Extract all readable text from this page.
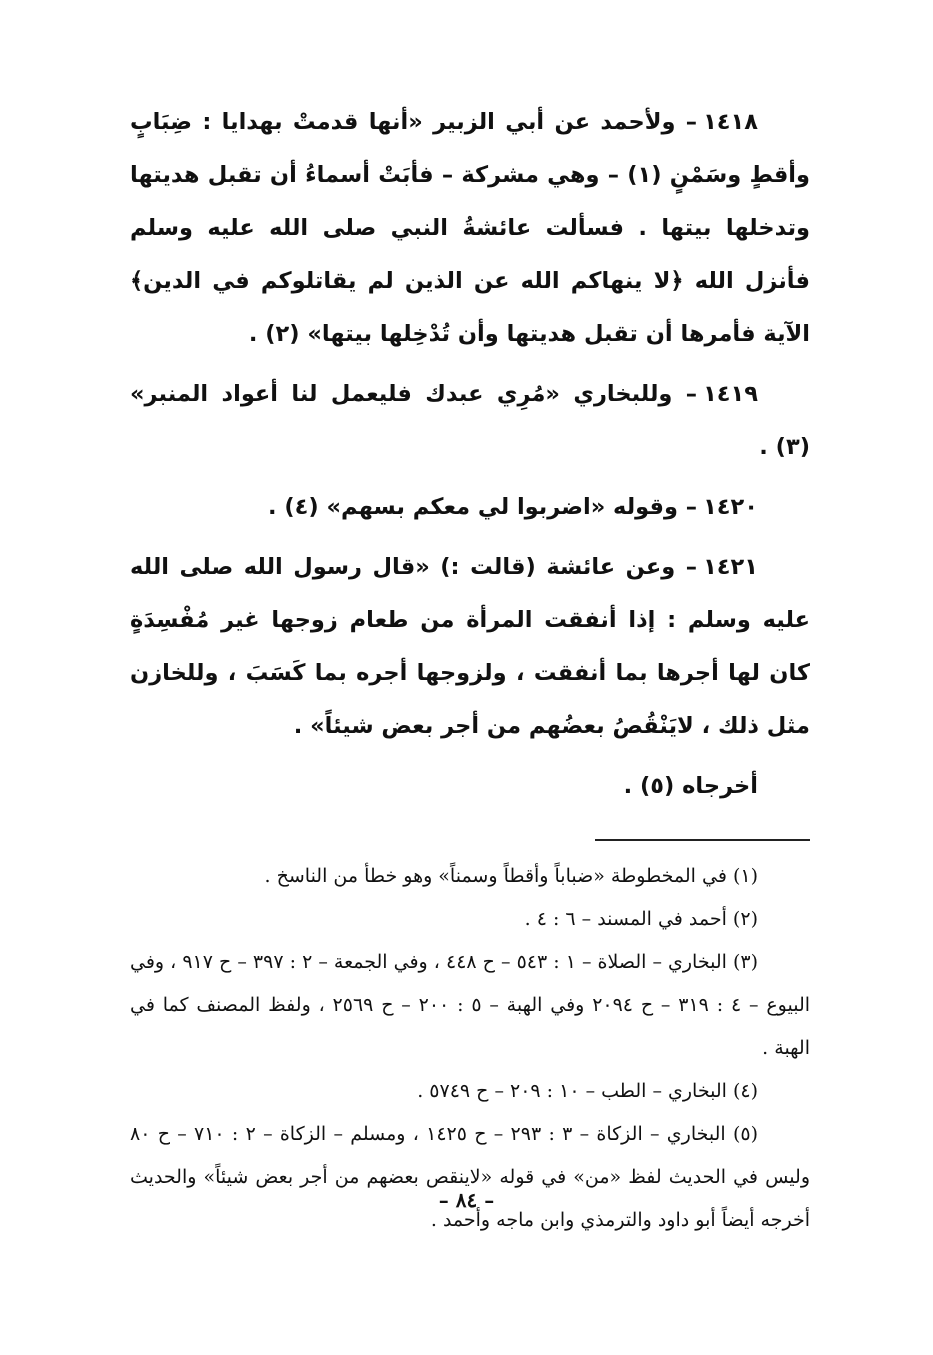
١٤١٨– ولأحمد عن أبي الزبير «أنها قدمتْ بهدايا : ضِبَابٍ وأقطٍ وسَمْنٍ (١) – وهي مشركة – فأبَتْ أسماءُ أن تقبل هديتها وتدخلها بيتها . فسألت عائشةُ النبي صلى الله عليه وسلم فأنزل الله ﴿لا ينهاكم الله عن الذين لم يقاتلوكم في الدين﴾ الآية فأمرها أن تقبل هديتها وأن تُدْخِلها بيتها» (٢) .

١٤١٩– وللبخاري «مُرِي عبدك فليعمل لنا أعواد المنبر» (٣) .

١٤٢٠– وقوله «اضربوا لي معكم بسهم» (٤) .

١٤٢١– وعن عائشة (قالت :) «قال رسول الله صلى الله عليه وسلم : إذا أنفقت المرأة من طعام زوجها غير مُفْسِدَةٍ كان لها أجرها بما أنفقت ، ولزوجها أجره بما كَسَبَ ، وللخازن مثل ذلك ، لايَنْقُصُ بعضُهم من أجر بعض شيئاً» .

أخرجاه (٥) .

(١) في المخطوطة «ضباباً وأقطاً وسمناً» وهو خطأ من الناسخ .

(٢) أحمد في المسند – ٦ : ٤ .

(٣) البخاري – الصلاة – ١ : ٥٤٣ – ح ٤٤٨ ، وفي الجمعة – ٢ : ٣٩٧ – ح ٩١٧ ، وفي البيوع – ٤ : ٣١٩ – ح ٢٠٩٤ وفي الهبة – ٥ : ٢٠٠ – ح ٢٥٦٩ ، ولفظ المصنف كما في الهبة .

(٤) البخاري – الطب – ١٠ : ٢٠٩ – ح ٥٧٤٩ .

(٥) البخاري – الزكاة – ٣ : ٢٩٣ – ح ١٤٢٥ ، ومسلم – الزكاة – ٢ : ٧١٠ – ح ٨٠ وليس في الحديث لفظ «من» في قوله «لاينقص بعضهم من أجر بعض شيئاً» والحديث أخرجه أيضاً أبو داود والترمذي وابن ماجه وأحمد .

– ٨٤ –
